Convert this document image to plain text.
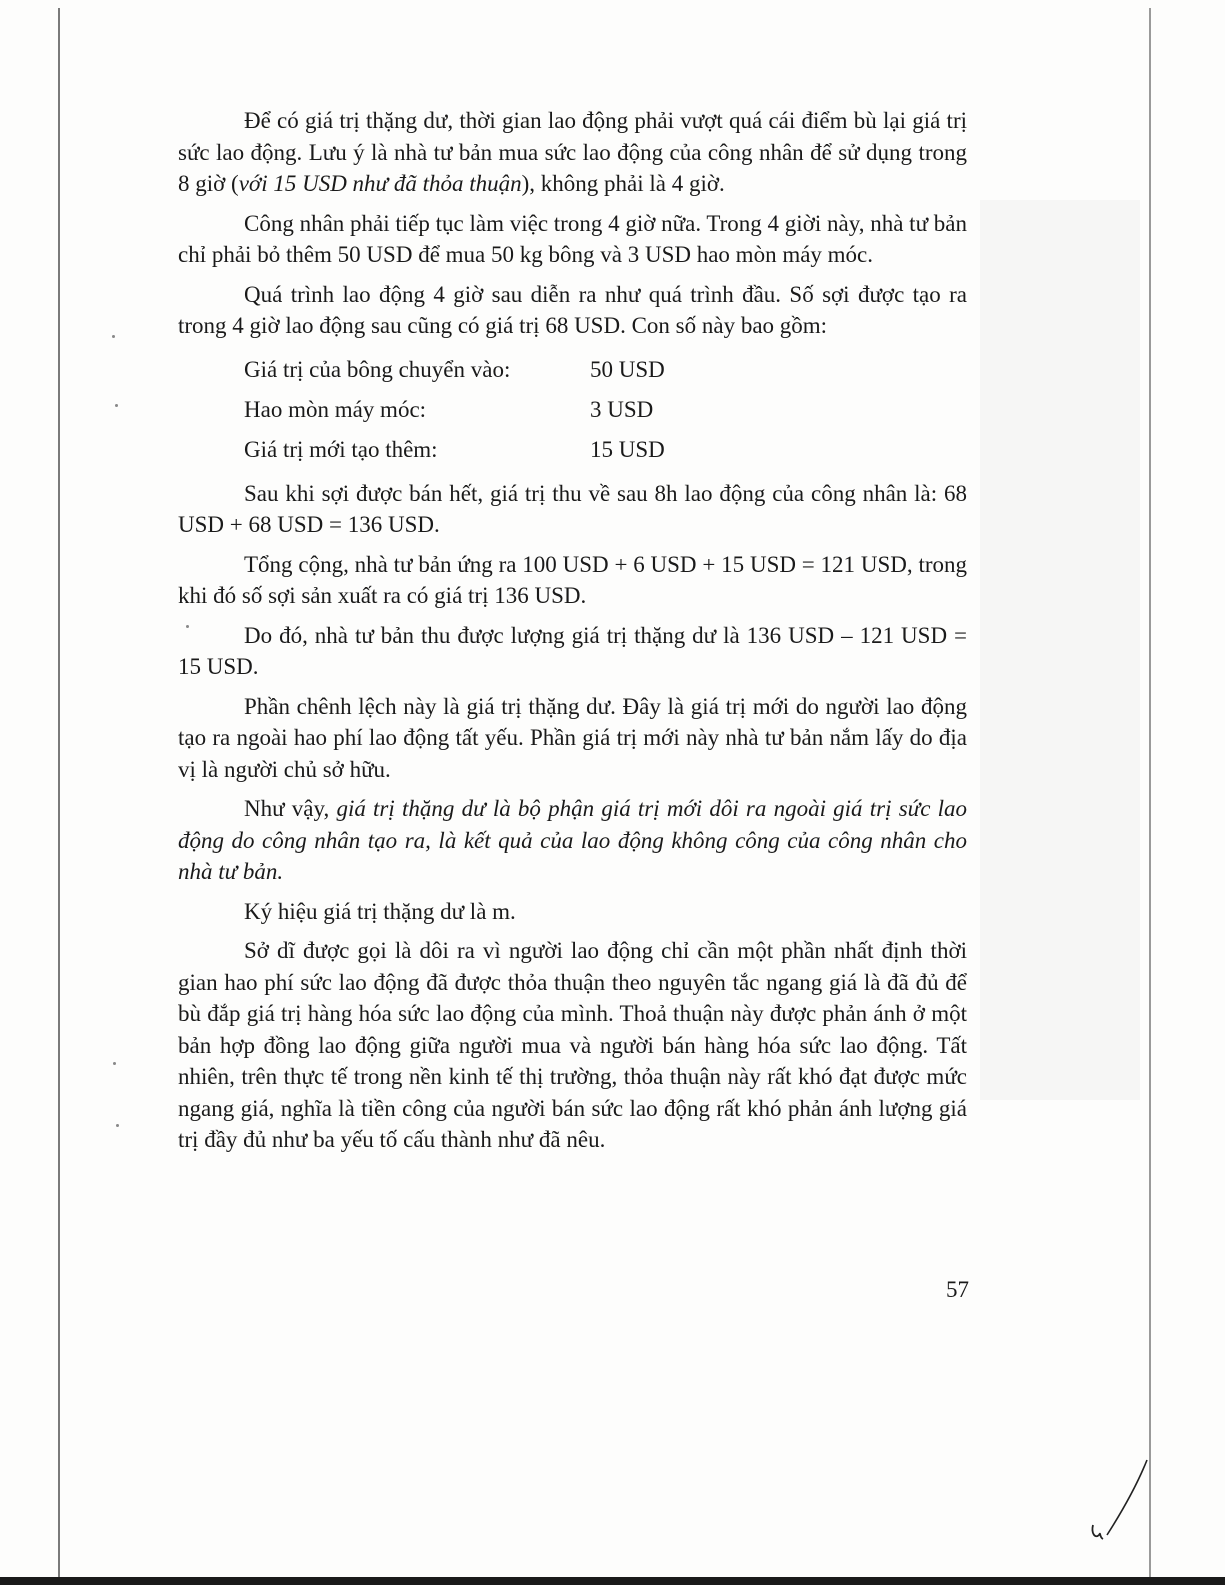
Để có giá trị thặng dư, thời gian lao động phải vượt quá cái điểm bù lại giá trị sức lao động. Lưu ý là nhà tư bản mua sức lao động của công nhân để sử dụng trong 8 giờ (với 15 USD như đã thỏa thuận), không phải là 4 giờ.

Công nhân phải tiếp tục làm việc trong 4 giờ nữa. Trong 4 giời này, nhà tư bản chỉ phải bỏ thêm 50 USD để mua 50 kg bông và 3 USD hao mòn máy móc.

Quá trình lao động 4 giờ sau diễn ra như quá trình đầu. Số sợi được tạo ra trong 4 giờ lao động sau cũng có giá trị 68 USD. Con số này bao gồm:

Giá trị của bông chuyển vào:	50 USD
Hao mòn máy móc:	3 USD
Giá trị mới tạo thêm:	15 USD

Sau khi sợi được bán hết, giá trị thu về sau 8h lao động của công nhân là: 68 USD + 68 USD = 136 USD.

Tổng cộng, nhà tư bản ứng ra 100 USD + 6 USD + 15 USD = 121 USD, trong khi đó số sợi sản xuất ra có giá trị 136 USD.

Do đó, nhà tư bản thu được lượng giá trị thặng dư là 136 USD – 121 USD = 15 USD.

Phần chênh lệch này là giá trị thặng dư. Đây là giá trị mới do người lao động tạo ra ngoài hao phí lao động tất yếu. Phần giá trị mới này nhà tư bản nắm lấy do địa vị là người chủ sở hữu.

Như vậy, giá trị thặng dư là bộ phận giá trị mới dôi ra ngoài giá trị sức lao động do công nhân tạo ra, là kết quả của lao động không công của công nhân cho nhà tư bản.

Ký hiệu giá trị thặng dư là m.

Sở dĩ được gọi là dôi ra vì người lao động chỉ cần một phần nhất định thời gian hao phí sức lao động đã được thỏa thuận theo nguyên tắc ngang giá là đã đủ để bù đắp giá trị hàng hóa sức lao động của mình. Thoả thuận này được phản ánh ở một bản hợp đồng lao động giữa người mua và người bán hàng hóa sức lao động. Tất nhiên, trên thực tế trong nền kinh tế thị trường, thỏa thuận này rất khó đạt được mức ngang giá, nghĩa là tiền công của người bán sức lao động rất khó phản ánh lượng giá trị đầy đủ như ba yếu tố cấu thành như đã nêu.

57
